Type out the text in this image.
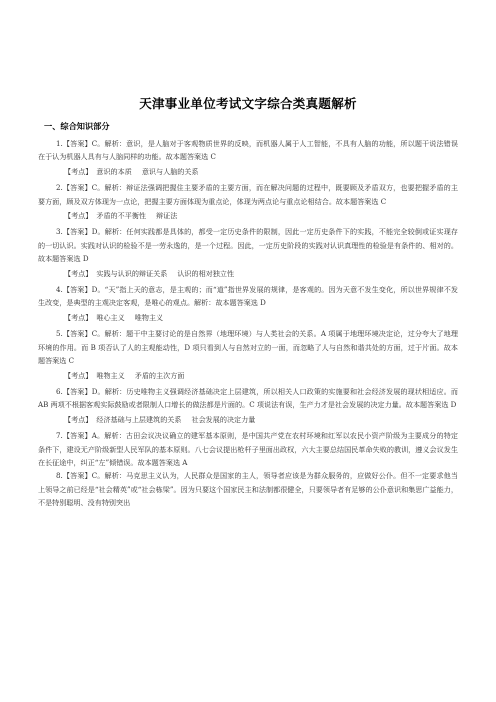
天津事业单位考试文字综合类真题解析
一、综合知识部分

1.【答案】C。解析：意识，是人脑对于客观物质世界的反映，而机器人属于人工智能，不具有人脑的功能，所以题干说法错误在于认为机器人具有与人脑同样的功能。故本题答案选 C

【考点】 意识的本质 意识与人脑的关系

2.【答案】C。解析：辩证法强调把握住主要矛盾的主要方面，而在解决问题的过程中，既要顾及矛盾双方，也要把握矛盾的主要方面，顾及双方体现为一点论，把握主要方面体现为重点论，体现为两点论与重点论相结合。故本题答案选 C

【考点】 矛盾的不平衡性 辩证法

3.【答案】D。解析：任何实践都是具体的，都受一定历史条件的限制，因此一定历史条件下的实践，不能完全较倒或证实现存的一切认识。实践对认识的检验不是一劳永逸的，是一个过程。因此，一定历史阶段的实践对认识真理性的检验是有条件的、相对的。故本题答案选 D

【考点】 实践与认识的辩证关系 认识的相对独立性

4.【答案】D。“天”指上天的意志，是主观的；而“道”指世界发展的规律，是客观的。因为天意不发生变化，所以世界规律不发生改变，是典型的主观决定客观，是唯心的观点。解析：故本题答案选 D

【考点】 唯心主义 唯物主义

5.【答案】C。解析：题干中主要讨论的是自然界（地理环境）与人类社会的关系。A 项属于地理环境决定论，过分夸大了地理环境的作用。而 B 项否认了人的主观能动性，D 项只看到人与自然对立的一面，而忽略了人与自然和谐共处的方面，过于片面。故本题答案选 C

【考点】 唯物主义 矛盾的主次方面

6.【答案】D。解析：历史唯物主义强调经济基础决定上层建筑，所以相关人口政策的实施要和社会经济发展的现状相适应。而 AB 两项不根据客观实际鼓励或者限制人口增长的做法都是片面的。C 项说法有误，生产力才是社会发展的决定力量。故本题答案选 D

【考点】 经济基础与上层建筑的关系 社会发展的决定力量

7.【答案】A。解析：古田会议决议确立的建军基本原则，是中国共产党在农村环境和红军以农民小资产阶级为主要成分的特定条件下，建设无产阶级新型人民军队的基本原则。八七会议提出枪杆子里面出政权，六大主要总结国民革命失败的教训，遵义会议发生在长征途中，纠正“左”倾错误。故本题答案选 A

8.【答案】C。解析：马克思主义认为，人民群众是国家的主人，领导者应该是为群众服务的，应做好公仆。但不一定要求他当上领导之前已经是“社会精英”或“社会栋梁”。因为只要这个国家民主和法制都很健全，只要领导者有足够的公仆意识和集思广益能力，不是特别聪明、没有特别突出
